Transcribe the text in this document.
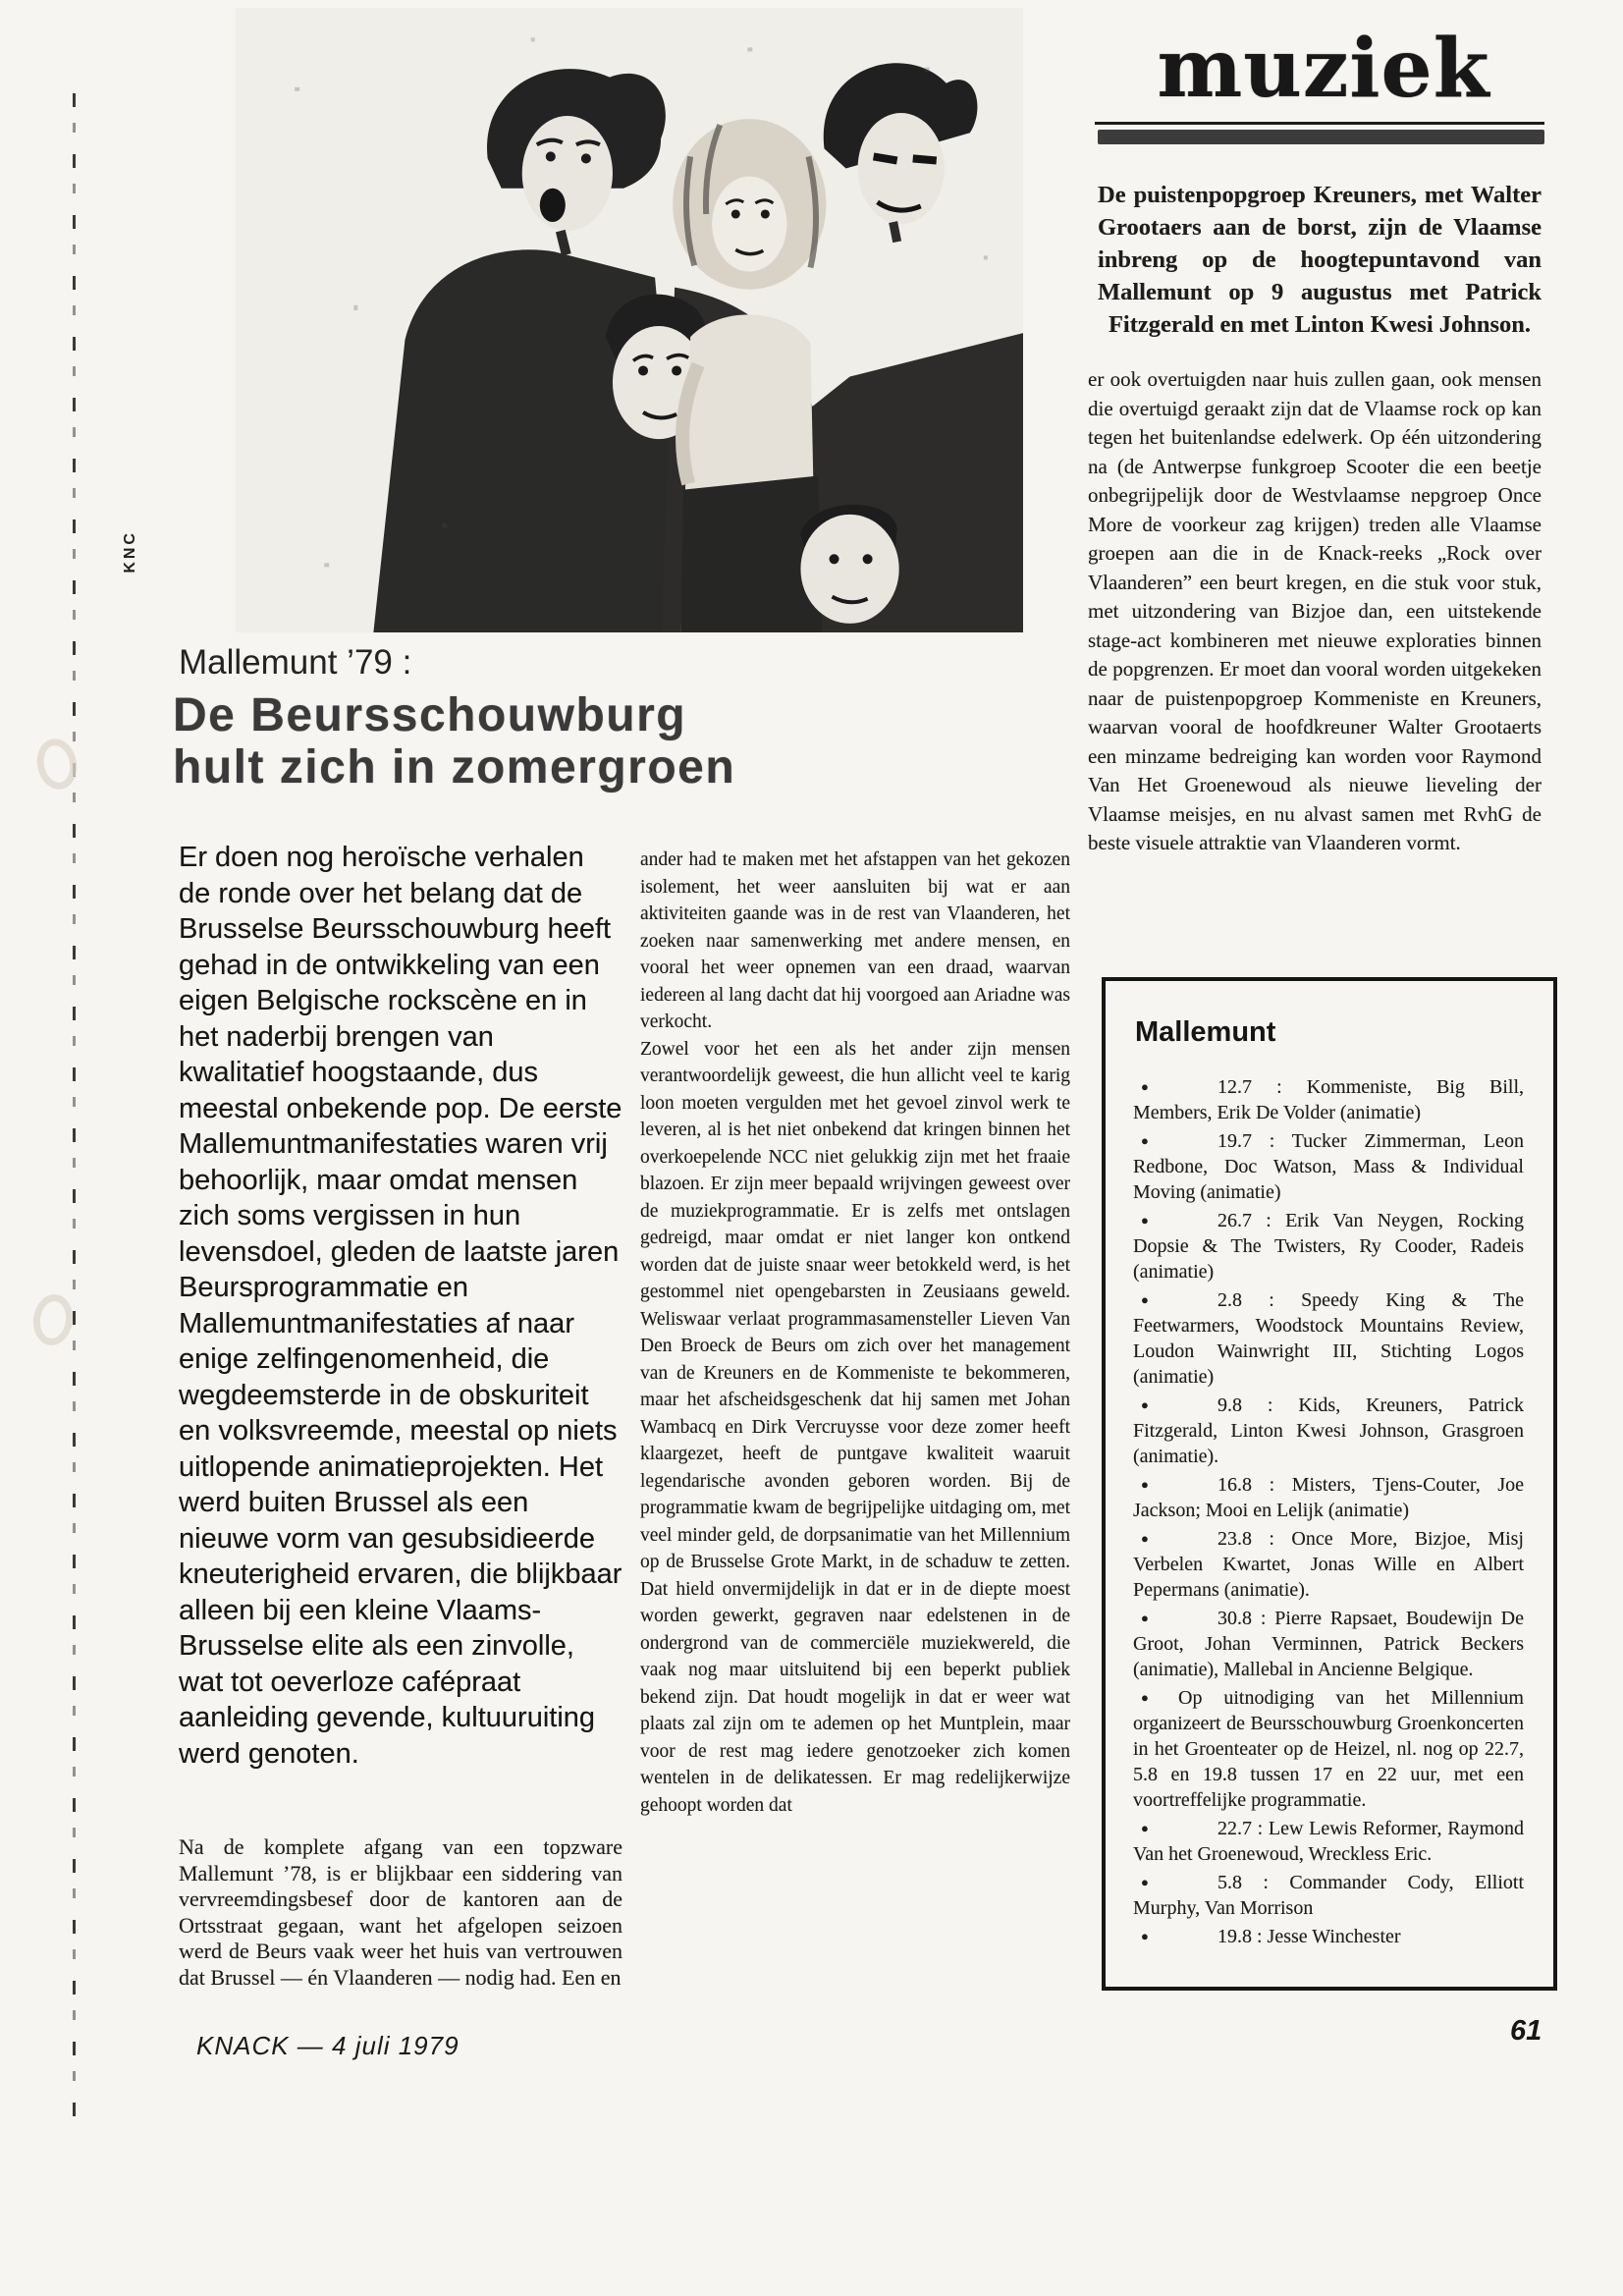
KNC
muziek
De puistenpopgroep Kreuners, met Walter Grootaers aan de borst, zijn de Vlaamse inbreng op de hoogtepuntavond van Mallemunt op 9 augustus met Patrick Fitzgerald en met Linton Kwesi Johnson.
Mallemunt ’79 :
De Beursschouwburg
hult zich in zomergroen
Er doen nog heroïsche verhalen de ronde over het belang dat de Brusselse Beursschouwburg heeft gehad in de ontwikkeling van een eigen Belgische rockscène en in het naderbij brengen van kwalitatief hoogstaande, dus meestal onbekende pop. De eerste Mallemuntmanifestaties waren vrij behoorlijk, maar omdat mensen zich soms vergissen in hun levensdoel, gleden de laatste jaren Beursprogrammatie en Mallemuntmanifestaties af naar enige zelfingenomenheid, die wegdeemsterde in de obskuriteit en volksvreemde, meestal op niets uitlopende animatieprojekten. Het werd buiten Brussel als een nieuwe vorm van gesubsidieerde kneuterigheid ervaren, die blijkbaar alleen bij een kleine Vlaams-Brusselse elite als een zinvolle, wat tot oeverloze cafépraat aanleiding gevende, kultuuruiting werd genoten.
Na de komplete afgang van een topzware Mallemunt ’78, is er blijkbaar een siddering van vervreemdingsbesef door de kantoren aan de Ortsstraat gegaan, want het afgelopen seizoen werd de Beurs vaak weer het huis van vertrouwen dat Brussel — én Vlaanderen — nodig had. Een en

ander had te maken met het afstappen van het gekozen isolement, het weer aansluiten bij wat er aan aktiviteiten gaande was in de rest van Vlaanderen, het zoeken naar samenwerking met andere mensen, en vooral het weer opnemen van een draad, waarvan iedereen al lang dacht dat hij voorgoed aan Ariadne was verkocht.

Zowel voor het een als het ander zijn mensen verantwoordelijk geweest, die hun allicht veel te karig loon moeten vergulden met het gevoel zinvol werk te leveren, al is het niet onbekend dat kringen binnen het overkoepelende NCC niet gelukkig zijn met het fraaie blazoen. Er zijn meer bepaald wrijvingen geweest over de muziekprogrammatie. Er is zelfs met ontslagen gedreigd, maar omdat er niet langer kon ontkend worden dat de juiste snaar weer betokkeld werd, is het gestommel niet opengebarsten in Zeusiaans geweld. Weliswaar verlaat programmasamensteller Lieven Van Den Broeck de Beurs om zich over het management van de Kreuners en de Kommeniste te bekommeren, maar het afscheidsgeschenk dat hij samen met Johan Wambacq en Dirk Vercruysse voor deze zomer heeft klaargezet, heeft de puntgave kwaliteit waaruit legendarische avonden geboren worden. Bij de programmatie kwam de begrijpelijke uitdaging om, met veel minder geld, de dorpsanimatie van het Millennium op de Brusselse Grote Markt, in de schaduw te zetten. Dat hield onvermijdelijk in dat er in de diepte moest worden gewerkt, gegraven naar edelstenen in de ondergrond van de commerciële muziekwereld, die vaak nog maar uitsluitend bij een beperkt publiek bekend zijn. Dat houdt mogelijk in dat er weer wat plaats zal zijn om te ademen op het Muntplein, maar voor de rest mag iedere genotzoeker zich komen wentelen in de delikatessen. Er mag redelijkerwijze gehoopt worden dat

er ook overtuigden naar huis zullen gaan, ook mensen die overtuigd geraakt zijn dat de Vlaamse rock op kan tegen het buitenlandse edelwerk. Op één uitzondering na (de Antwerpse funkgroep Scooter die een beetje onbegrijpelijk door de Westvlaamse nepgroep Once More de voorkeur zag krijgen) treden alle Vlaamse groepen aan die in de Knack-reeks „Rock over Vlaanderen” een beurt kregen, en die stuk voor stuk, met uitzondering van Bizjoe dan, een uitstekende stage-act kombineren met nieuwe exploraties binnen de popgrenzen. Er moet dan vooral worden uitgekeken naar de puistenpopgroep Kommeniste en Kreuners, waarvan vooral de hoofdkreuner Walter Grootaerts een minzame bedreiging kan worden voor Raymond Van Het Groenewoud als nieuwe lieveling der Vlaamse meisjes, en nu alvast samen met RvhG de beste visuele attraktie van Vlaanderen vormt.
Mallemunt
●	12.7 : Kommeniste, Big Bill, Members, Erik De Volder (animatie)
●	19.7 : Tucker Zimmerman, Leon Redbone, Doc Watson, Mass & Individual Moving (animatie)
●	26.7 : Erik Van Neygen, Rocking Dopsie & The Twisters, Ry Cooder, Radeis (animatie)
●	2.8 : Speedy King & The Feetwarmers, Woodstock Mountains Review, Loudon Wainwright III, Stichting Logos (animatie)
●	9.8 : Kids, Kreuners, Patrick Fitzgerald, Linton Kwesi Johnson, Grasgroen (animatie).
●	16.8 : Misters, Tjens-Couter, Joe Jackson; Mooi en Lelijk (animatie)
●	23.8 : Once More, Bizjoe, Misj Verbelen Kwartet, Jonas Wille en Albert Pepermans (animatie).
●	30.8 : Pierre Rapsaet, Boudewijn De Groot, Johan Verminnen, Patrick Beckers (animatie), Mallebal in Ancienne Belgique.
● Op uitnodiging van het Millennium organizeert de Beursschouwburg Groenkoncerten in het Groenteater op de Heizel, nl. nog op 22.7, 5.8 en 19.8 tussen 17 en 22 uur, met een voortreffelijke programmatie.
●	22.7 : Lew Lewis Reformer, Raymond Van het Groenewoud, Wreckless Eric.
●	5.8 : Commander Cody, Elliott Murphy, Van Morrison
●	19.8 : Jesse Winchester
KNACK — 4 juli 1979	61
